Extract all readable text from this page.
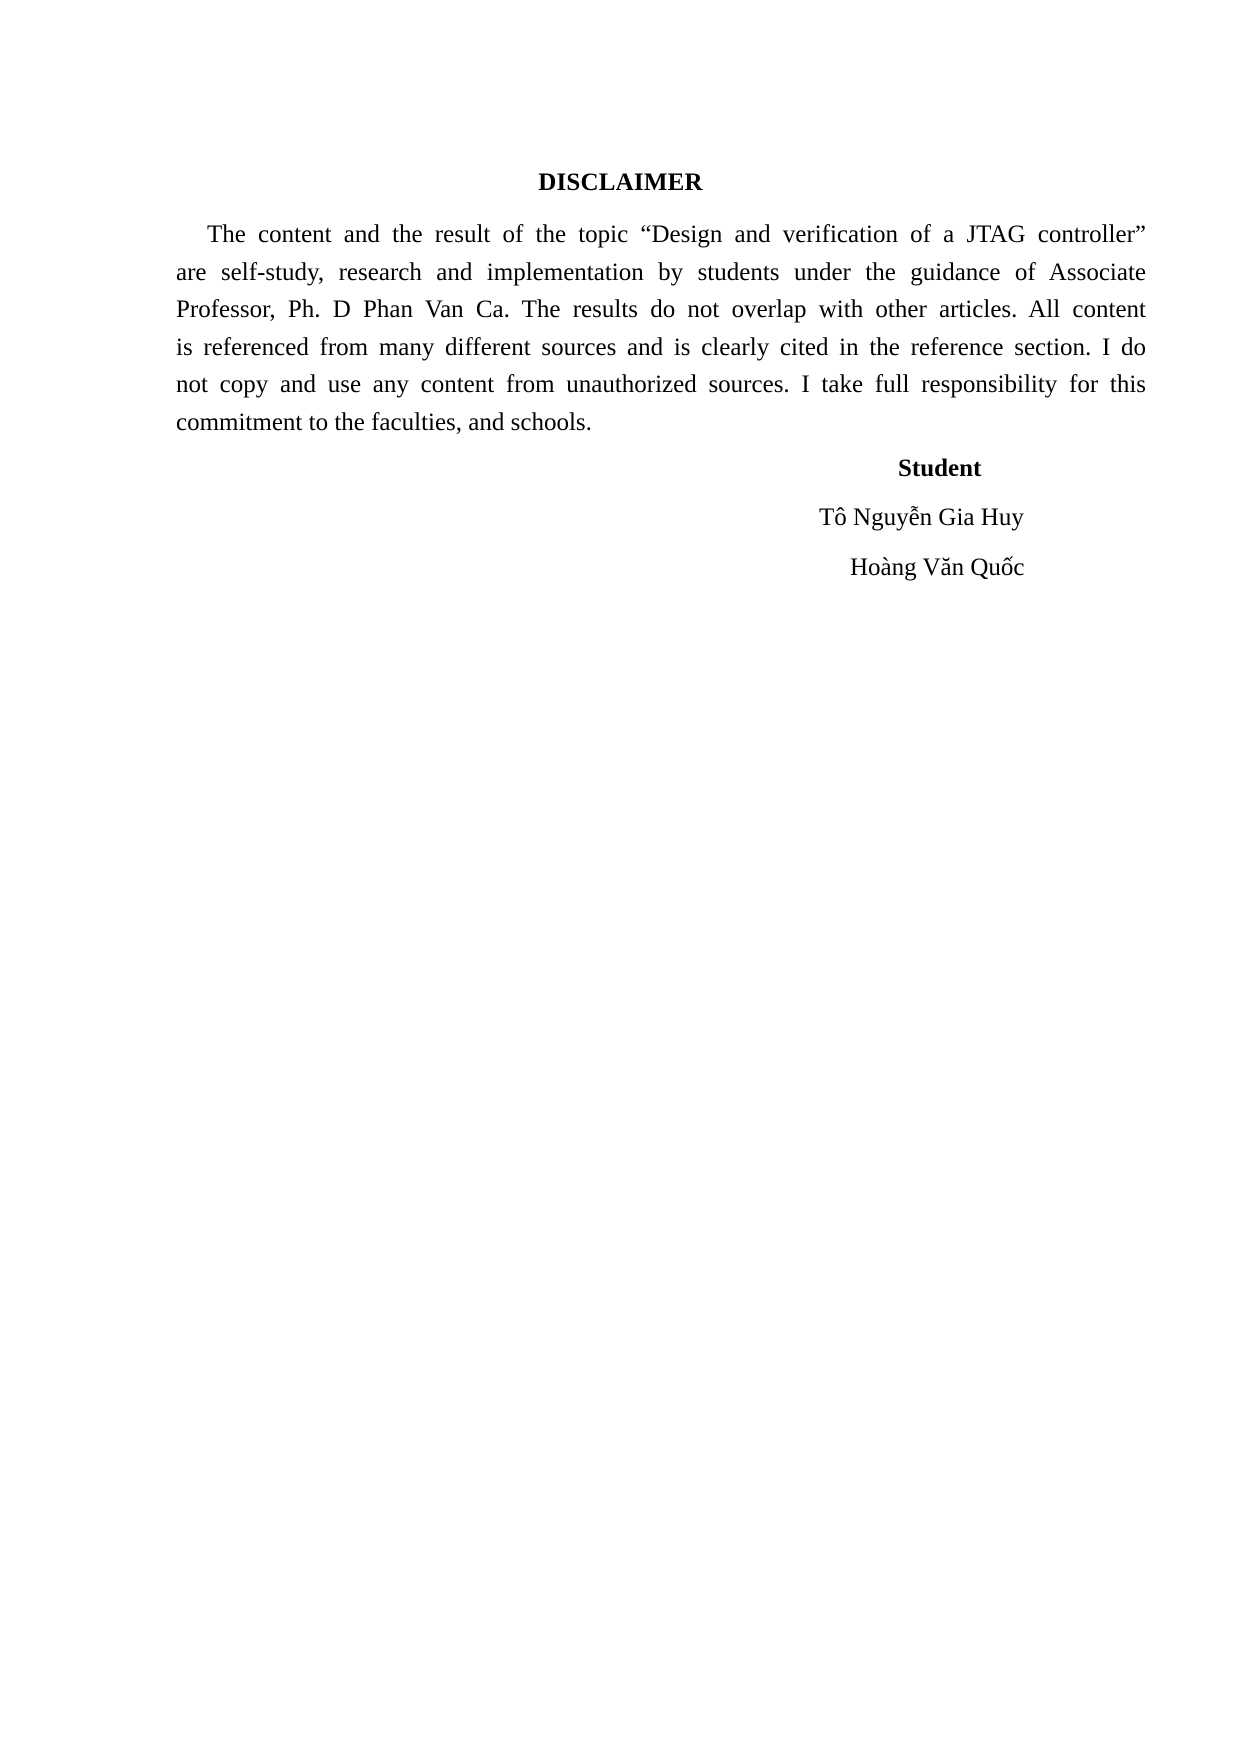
DISCLAIMER
The content and the result of the topic “Design and verification of a JTAG controller”
are self-study, research and implementation by students under the guidance of Associate
Professor, Ph. D Phan Van Ca. The results do not overlap with other articles. All content
is referenced from many different sources and is clearly cited in the reference section. I do
not copy and use any content from unauthorized sources. I take full responsibility for this
commitment to the faculties, and schools.
Student
Tô Nguyễn Gia Huy
Hoàng Văn Quốc
